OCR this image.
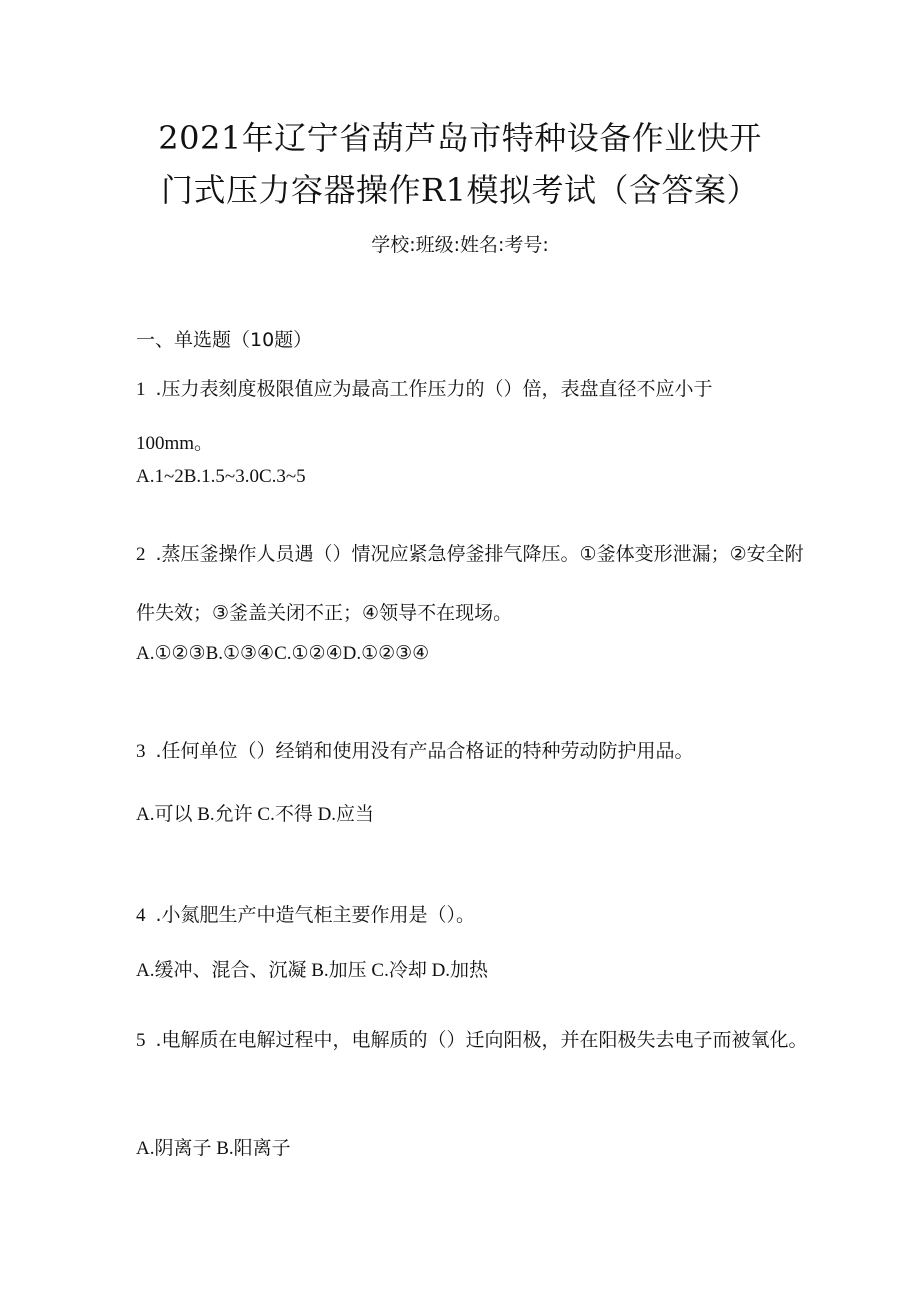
2021年辽宁省葫芦岛市特种设备作业快开
门式压力容器操作R1模拟考试（含答案）
学校:班级:姓名:考号:
一、单选题（10题）
1 .压力表刻度极限值应为最高工作压力的（）倍，表盘直径不应小于
100mm。
A.1~2B.1.5~3.0C.3~5
2 .蒸压釜操作人员遇（）情况应紧急停釜排气降压。①釜体变形泄漏；②安全附件失效；③釜盖关闭不正；④领导不在现场。
A.①②③B.①③④C.①②④D.①②③④
3 .任何单位（）经销和使用没有产品合格证的特种劳动防护用品。
A.可以 B.允许 C.不得 D.应当
4 .小氮肥生产中造气柜主要作用是（）。
A.缓冲、混合、沉凝 B.加压 C.冷却 D.加热
5 .电解质在电解过程中，电解质的（）迁向阳极，并在阳极失去电子而被氧化。
A.阴离子 B.阳离子
